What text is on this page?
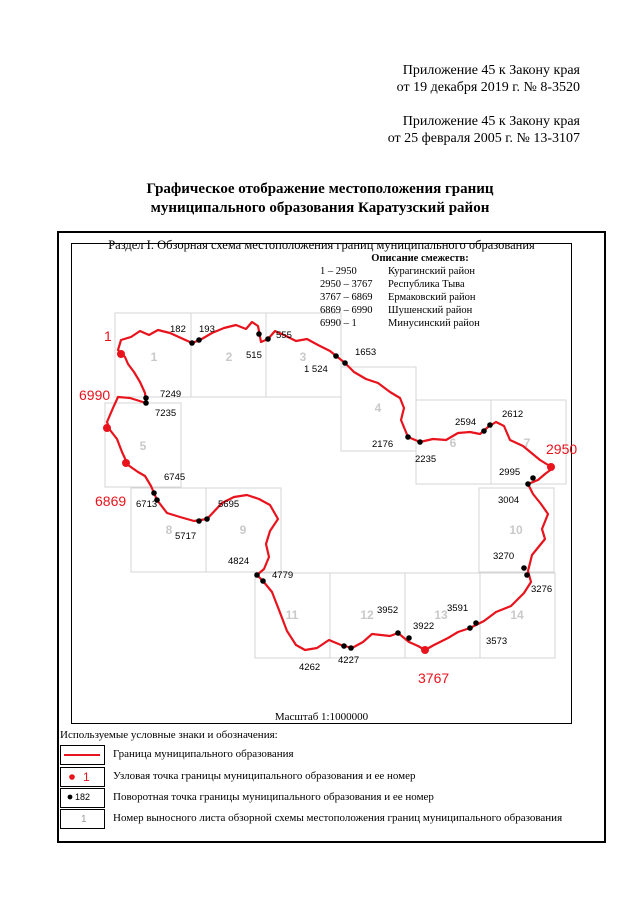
Приложение 45 к Закону края
от 19 декабря 2019 г. № 8-3520
Приложение 45 к Закону края
от 25 февраля 2005 г. № 13-3107
Графическое отображение местоположения границ
муниципального образования Каратузский район
1	2	3
4
5	6	7
8	9	10
11	12	13	14
182 193
515
555
1 524
1653
7249
7235
2176
2235
2594
2612
2995
3004
6745
6713	5695
5717
4824
4779
3270
3276
3952
3922
3591
3573
4262
4227
1
6990
6869
2950
3767
1
182
1
Раздел I. Обзорная схема местоположения границ муниципального образования
Описание смежеств:
1 – 2950	Курагинский район
2950 – 3767	Республика Тыва
3767 – 6869	Ермаковский район
6869 – 6990	Шушенский район
6990 – 1	Минусинский район
Масштаб 1:1000000
Используемые условные знаки и обозначения:
Граница муниципального образования
Узловая точка границы муниципального образования и ее номер
Поворотная точка границы муниципального образования и ее номер
Номер выносного листа обзорной схемы местоположения границ муниципального образования
